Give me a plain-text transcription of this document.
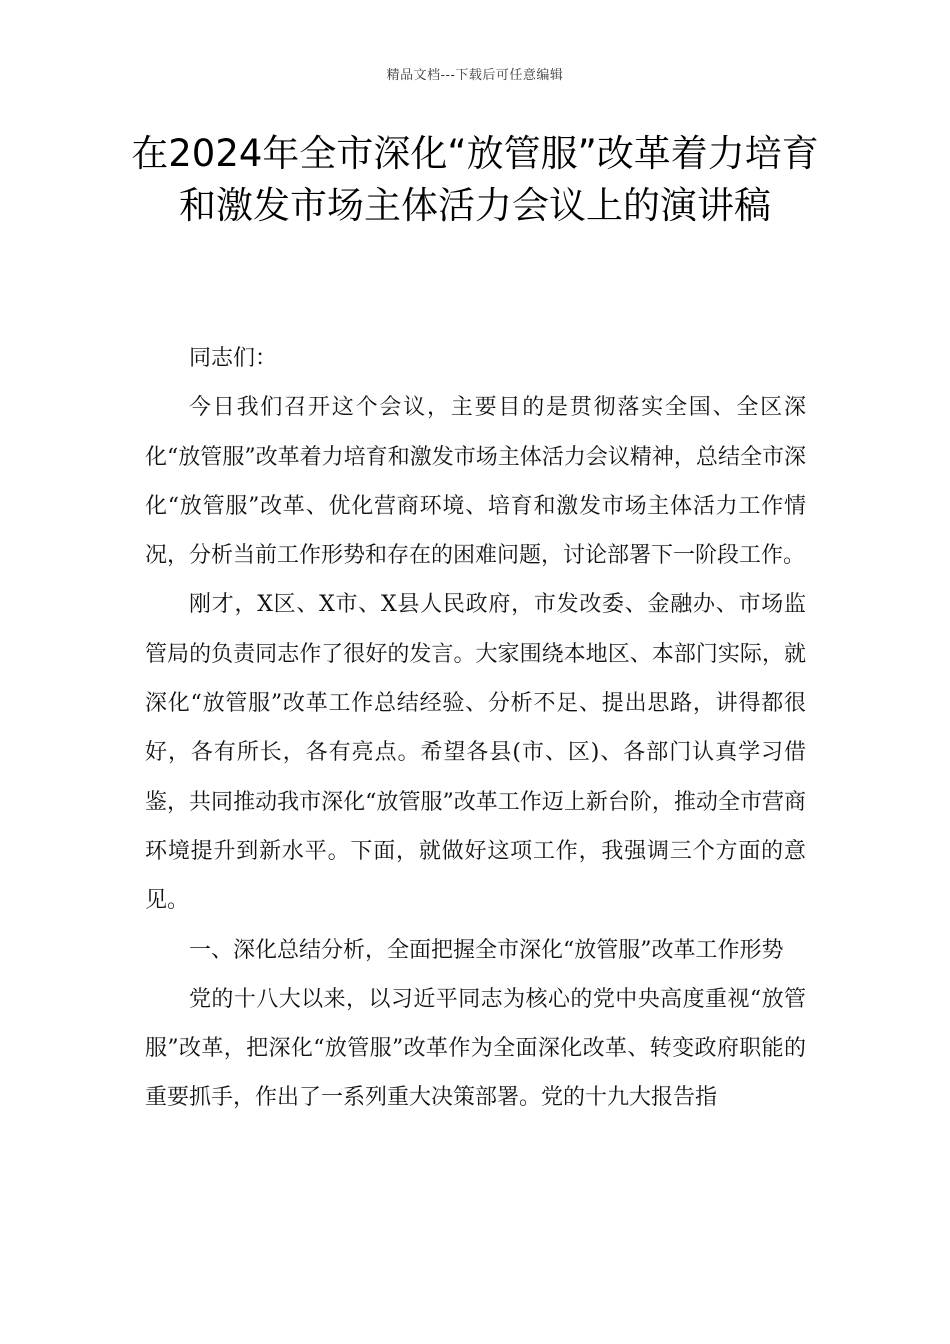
精品文档---下载后可任意编辑
在2024年全市深化“放管服”改革着力培育和激发市场主体活力会议上的演讲稿

同志们：

今日我们召开这个会议，主要目的是贯彻落实全国、全区深化“放管服”改革着力培育和激发市场主体活力会议精神，总结全市深化“放管服”改革、优化营商环境、培育和激发市场主体活力工作情况，分析当前工作形势和存在的困难问题，讨论部署下一阶段工作。

刚才，X区、X市、X县人民政府，市发改委、金融办、市场监管局的负责同志作了很好的发言。大家围绕本地区、本部门实际，就深化“放管服”改革工作总结经验、分析不足、提出思路，讲得都很好，各有所长，各有亮点。希望各县(市、区)、各部门认真学习借鉴，共同推动我市深化“放管服”改革工作迈上新台阶，推动全市营商环境提升到新水平。下面，就做好这项工作，我强调三个方面的意见。

一、深化总结分析，全面把握全市深化“放管服”改革工作形势

党的十八大以来，以习近平同志为核心的党中央高度重视“放管服”改革，把深化“放管服”改革作为全面深化改革、转变政府职能的重要抓手，作出了一系列重大决策部署。党的十九大报告指
